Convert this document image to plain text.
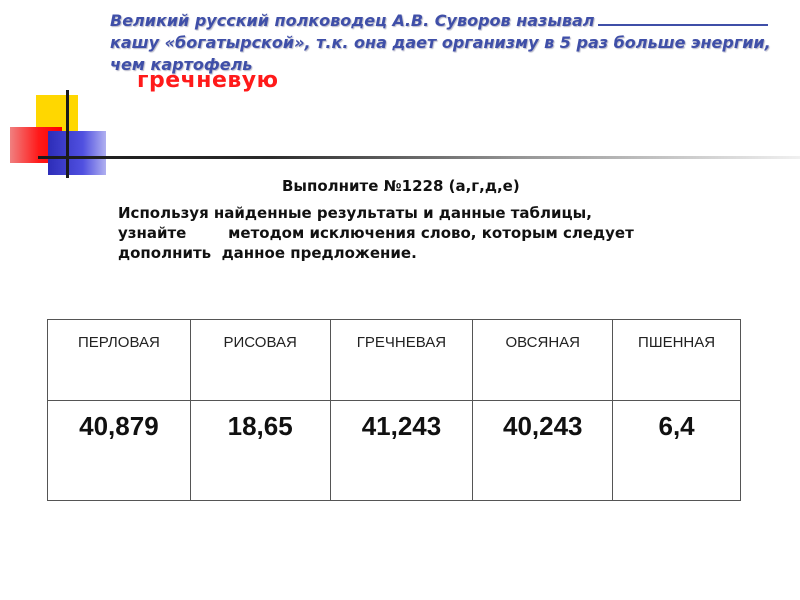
Великий русский полководец А.В. Суворов называл
кашу «богатырской», т.к. она дает организму в 5 раз больше энергии,
чем картофель
гречневую
Выполните №1228 (а,г,д,е)
Используя найденные результаты и данные таблицы,
узнайте        методом исключения слово, которым следует
дополнить  данное предложение.
ПЕРЛОВАЯ	РИСОВАЯ	ГРЕЧНЕВАЯ	ОВСЯНАЯ	ПШЕННАЯ
40,879	18,65	41,243	40,243	6,4
